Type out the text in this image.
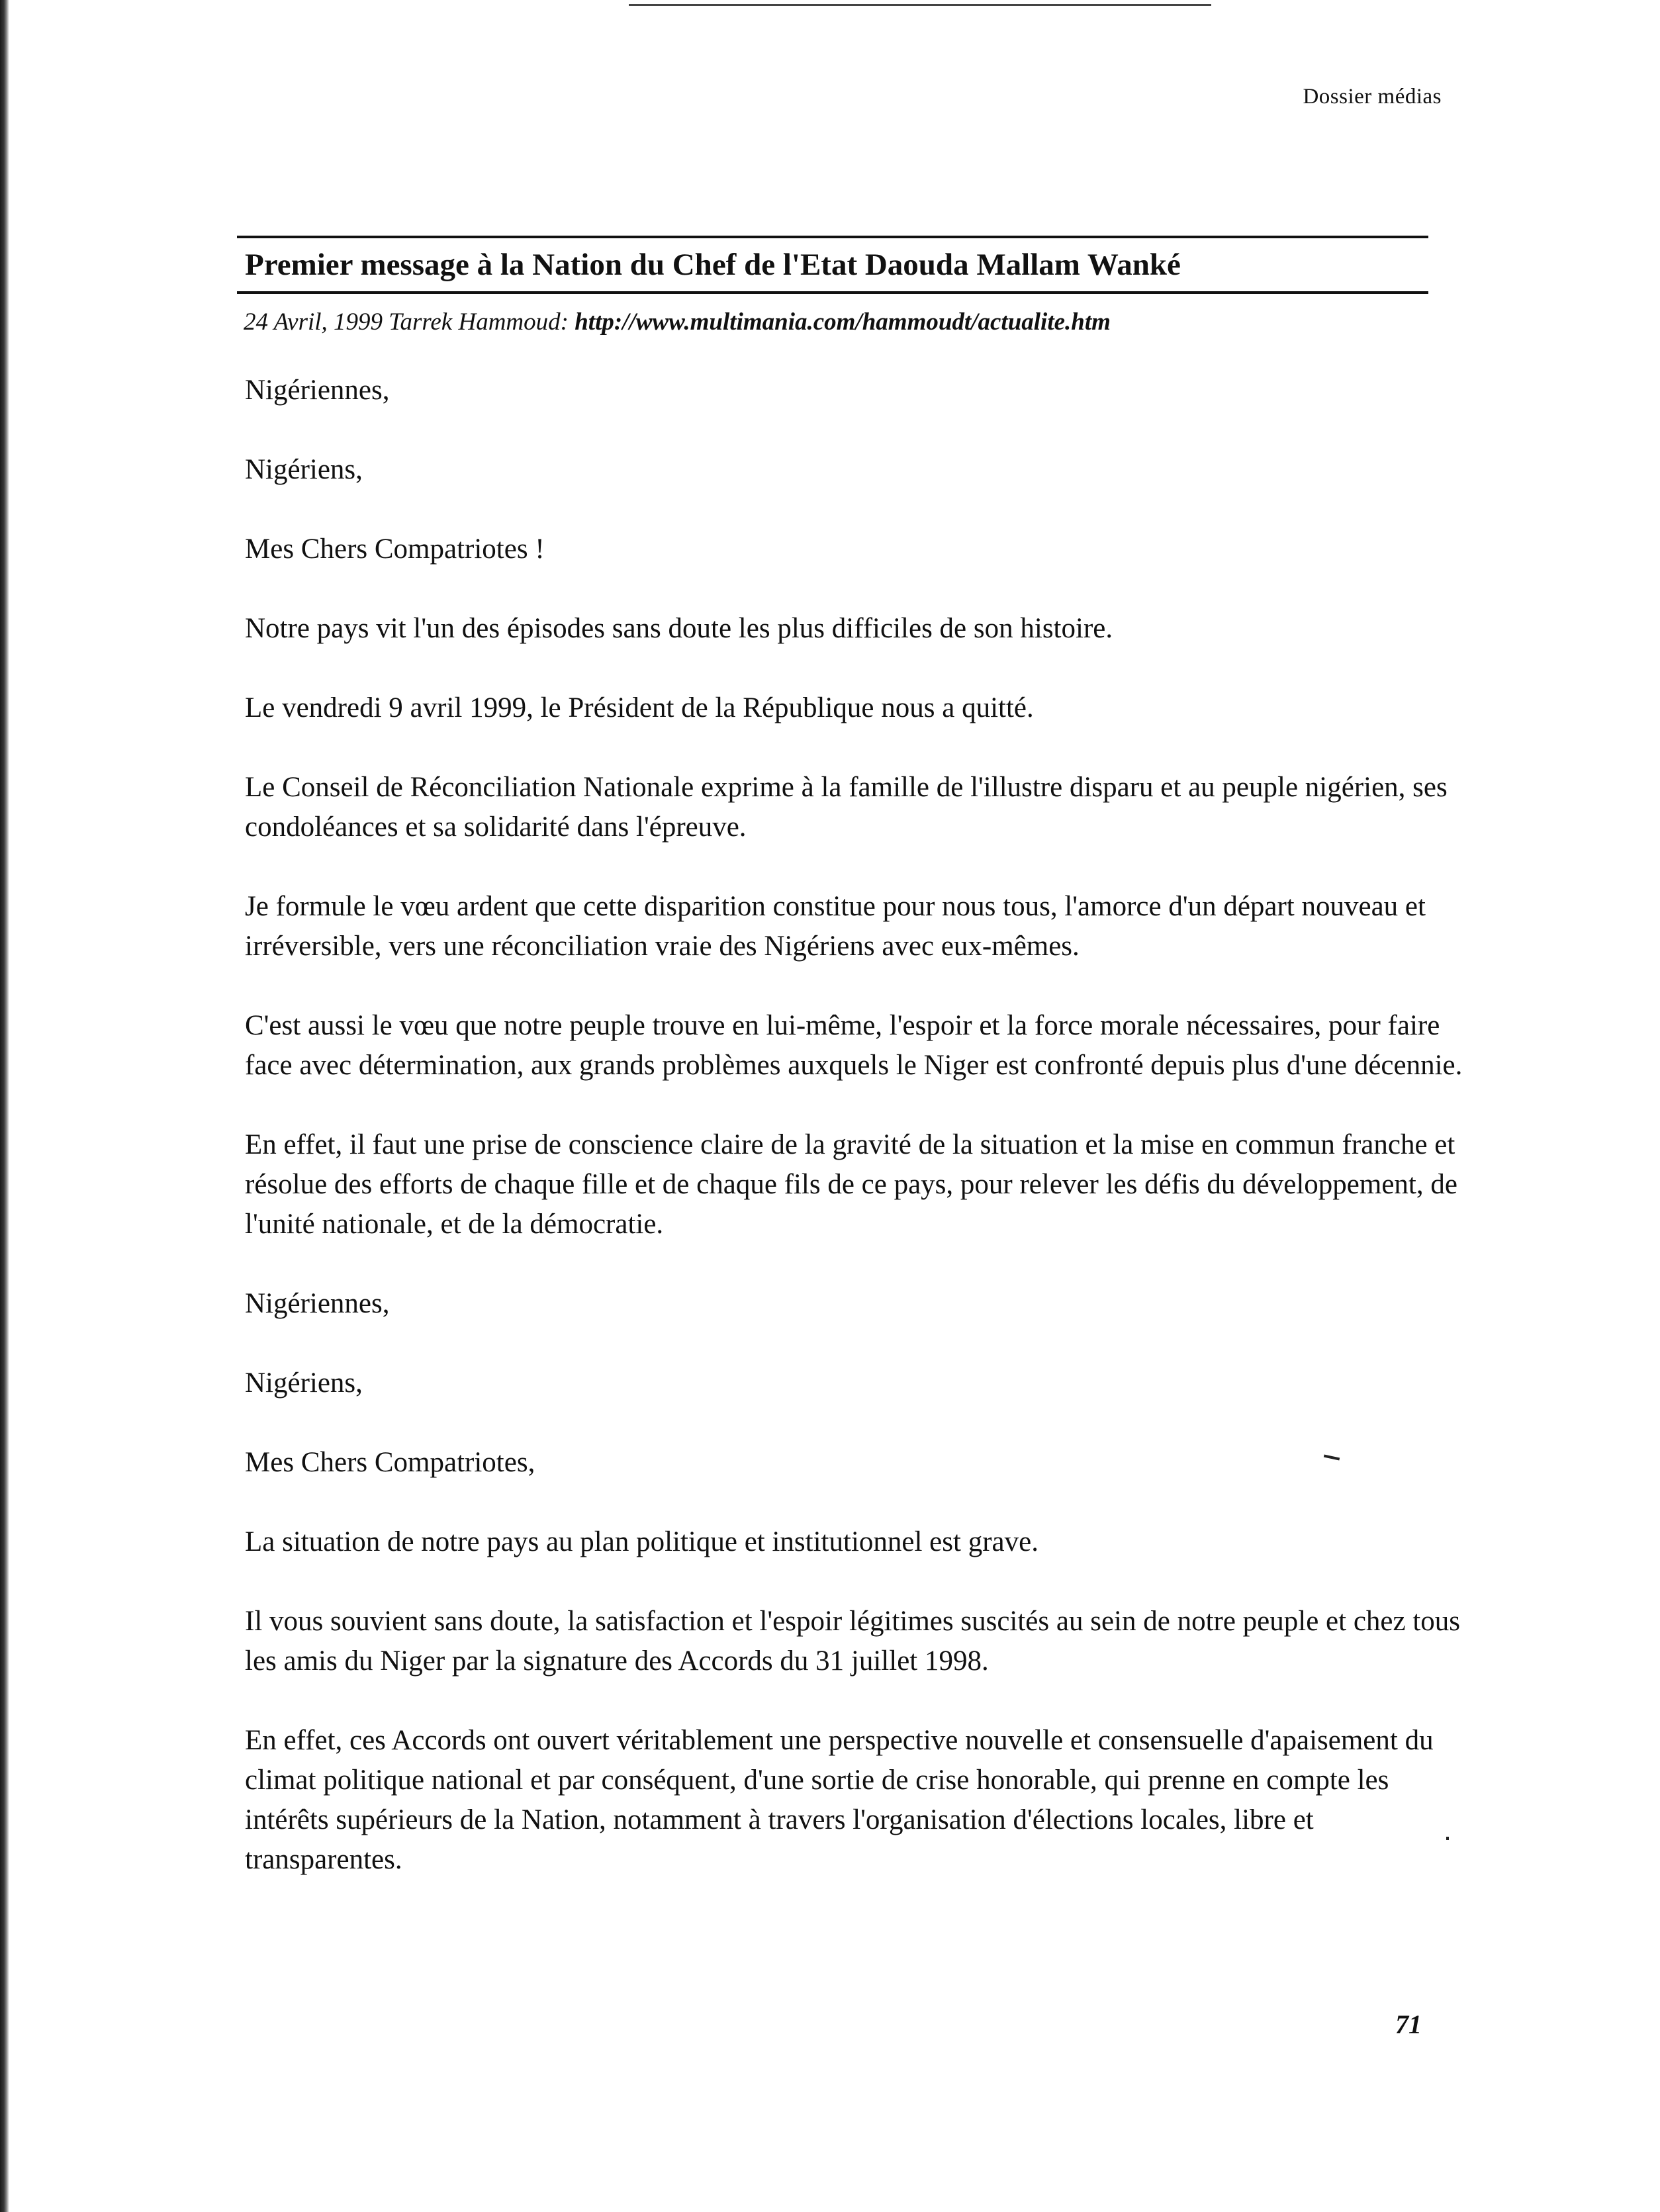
Dossier médias
Premier message à la Nation du Chef de l'Etat Daouda Mallam Wanké
24 Avril, 1999 Tarrek Hammoud: http://www.multimania.com/hammoudt/actualite.htm

Nigériennes,

Nigériens,

Mes Chers Compatriotes !

Notre pays vit l'un des épisodes sans doute les plus difficiles de son histoire.

Le vendredi 9 avril 1999, le Président de la République nous a quitté.

Le Conseil de Réconciliation Nationale exprime à la famille de l'illustre disparu et au peuple nigérien, ses condoléances et sa solidarité dans l'épreuve.

Je formule le vœu ardent que cette disparition constitue pour nous tous, l'amorce d'un départ nouveau et irréversible, vers une réconciliation vraie des Nigériens avec eux-mêmes.

C'est aussi le vœu que notre peuple trouve en lui-même, l'espoir et la force morale nécessaires, pour faire face avec détermination, aux grands problèmes auxquels le Niger est confronté depuis plus d'une décennie.

En effet, il faut une prise de conscience claire de la gravité de la situation et la mise en commun franche et résolue des efforts de chaque fille et de chaque fils de ce pays, pour relever les défis du développement, de l'unité nationale, et de la démocratie.

Nigériennes,

Nigériens,

Mes Chers Compatriotes,

La situation de notre pays au plan politique et institutionnel est grave.

Il vous souvient sans doute, la satisfaction et l'espoir légitimes suscités au sein de notre peuple et chez tous les amis du Niger par la signature des Accords du 31 juillet 1998.

En effet, ces Accords ont ouvert véritablement une perspective nouvelle et consensuelle d'apaisement du climat politique national et par conséquent, d'une sortie de crise honorable, qui prenne en compte les intérêts supérieurs de la Nation, notamment à travers l'organisation d'élections locales, libre et transparentes.

71
